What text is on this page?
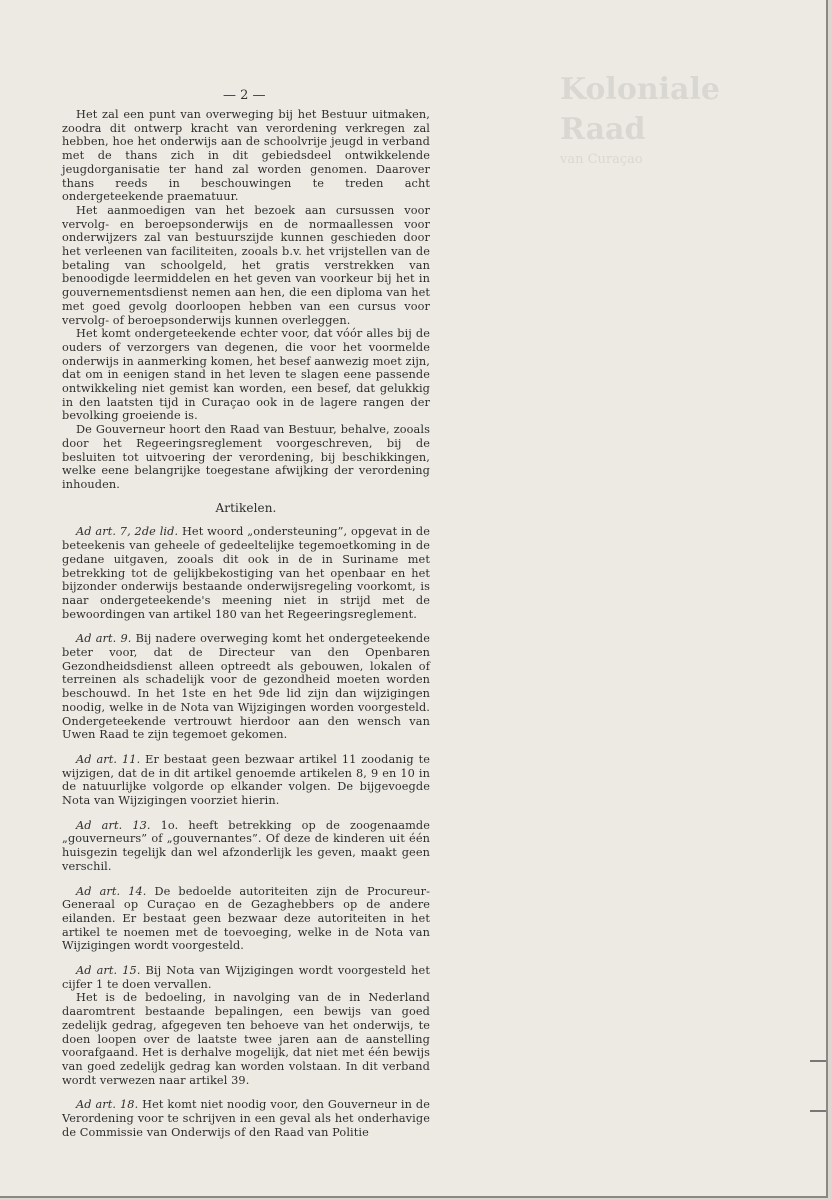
Koloniale Raad
van Curaçao
— 2 —

Het zal een punt van overweging bij het Bestuur uitmaken, zoodra dit ontwerp kracht van verordening verkregen zal hebben, hoe het onderwijs aan de schoolvrije jeugd in verband met de thans zich in dit gebiedsdeel ontwikkelende jeugdorganisatie ter hand zal worden genomen. Daarover thans reeds in beschouwingen te treden acht ondergeteekende praematuur.

Het aanmoedigen van het bezoek aan cursussen voor vervolg- en beroepsonderwijs en de normaallessen voor onderwijzers zal van bestuurszijde kunnen geschieden door het verleenen van faciliteiten, zooals b.v. het vrijstellen van de betaling van schoolgeld, het gratis verstrekken van benoodigde leermiddelen en het geven van voorkeur bij het in gouvernementsdienst nemen aan hen, die een diploma van het met goed gevolg doorloopen hebben van een cursus voor vervolg- of beroepsonderwijs kunnen overleggen.

Het komt ondergeteekende echter voor, dat vóór alles bij de ouders of verzorgers van degenen, die voor het voormelde onderwijs in aanmerking komen, het besef aanwezig moet zijn, dat om in eenigen stand in het leven te slagen eene passende ontwikkeling niet gemist kan worden, een besef, dat gelukkig in den laatsten tijd in Curaçao ook in de lagere rangen der bevolking groeiende is.

De Gouverneur hoort den Raad van Bestuur, behalve, zooals door het Regeeringsreglement voorgeschreven, bij de besluiten tot uitvoering der verordening, bij beschikkingen, welke eene belangrijke toegestane afwijking der verordening inhouden.

Artikelen.

Ad art. 7, 2de lid. Het woord „ondersteuning”, opgevat in de beteekenis van geheele of gedeeltelijke tegemoetkoming in de gedane uitgaven, zooals dit ook in de in Suriname met betrekking tot de gelijkbekostiging van het openbaar en het bijzonder onderwijs bestaande onderwijsregeling voorkomt, is naar ondergeteekende's meening niet in strijd met de bewoordingen van artikel 180 van het Regeeringsreglement.

Ad art. 9. Bij nadere overweging komt het ondergeteekende beter voor, dat de Directeur van den Openbaren Gezondheidsdienst alleen optreedt als gebouwen, lokalen of terreinen als schadelijk voor de gezondheid moeten worden beschouwd. In het 1ste en het 9de lid zijn dan wijzigingen noodig, welke in de Nota van Wijzigingen worden voorgesteld. Ondergeteekende vertrouwt hierdoor aan den wensch van Uwen Raad te zijn tegemoet gekomen.

Ad art. 11. Er bestaat geen bezwaar artikel 11 zoodanig te wijzigen, dat de in dit artikel genoemde artikelen 8, 9 en 10 in de natuurlijke volgorde op elkander volgen. De bijgevoegde Nota van Wijzigingen voorziet hierin.

Ad art. 13. 1o. heeft betrekking op de zoogenaamde „gouverneurs” of „gouvernantes”. Of deze de kinderen uit één huisgezin tegelijk dan wel afzonderlijk les geven, maakt geen verschil.

Ad art. 14. De bedoelde autoriteiten zijn de Procureur-Generaal op Curaçao en de Gezaghebbers op de andere eilanden. Er bestaat geen bezwaar deze autoriteiten in het artikel te noemen met de toevoeging, welke in de Nota van Wijzigingen wordt voorgesteld.

Ad art. 15. Bij Nota van Wijzigingen wordt voorgesteld het cijfer 1 te doen vervallen.

Het is de bedoeling, in navolging van de in Nederland daaromtrent bestaande bepalingen, een bewijs van goed zedelijk gedrag, afgegeven ten behoeve van het onderwijs, te doen loopen over de laatste twee jaren aan de aanstelling voorafgaand. Het is derhalve mogelijk, dat niet met één bewijs van goed zedelijk gedrag kan worden volstaan. In dit verband wordt verwezen naar artikel 39.

Ad art. 18. Het komt niet noodig voor, den Gouverneur in de Verordening voor te schrijven in een geval als het onderhavige de Commissie van Onderwijs of den Raad van Politie
